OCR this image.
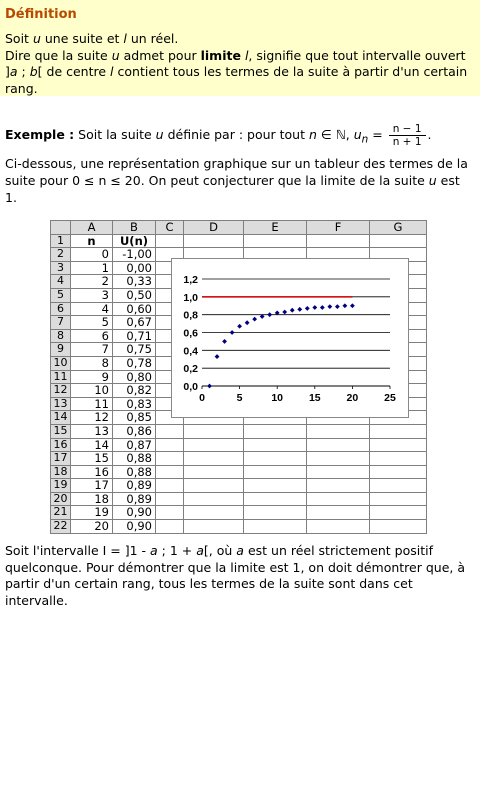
Définition
Soit u une suite et l un réel.
Dire que la suite u admet pour limite l, signifie que tout intervalle ouvert ]a ; b[ de centre l contient tous les termes de la suite à partir d'un certain rang.
Exemple : Soit la suite u définie par : pour tout n ∈ ℕ, $u_n = \frac{n - 1}{n + 1}$ .
Ci-dessous, une représentation graphique sur un tableur des termes de la suite pour 0 ≤ n ≤ 20. On peut conjecturer que la limite de la suite u est 1.
	A	B	C	D	E	F	G
1	n	U(n)					
2	0	-1,00					
3	1	0,00					
4	2	0,33					
5	3	0,50					
6	4	0,60					
7	5	0,67					
8	6	0,71					
9	7	0,75					
10	8	0,78					
11	9	0,80					
12	10	0,82					
13	11	0,83					
14	12	0,85					
15	13	0,86					
16	14	0,87					
17	15	0,88					
18	16	0,88					
19	17	0,89					
20	18	0,89					
21	19	0,90					
22	20	0,90					
0,0
0,2
0,4
0,6
0,8
1,0
1,2
0	5	10 15 20 25
Soit l'intervalle I = ]1 - a ; 1 + a[, où a est un réel strictement positif quelconque. Pour démontrer que la limite est 1, on doit démontrer que, à partir d'un certain rang, tous les termes de la suite sont dans cet intervalle.
